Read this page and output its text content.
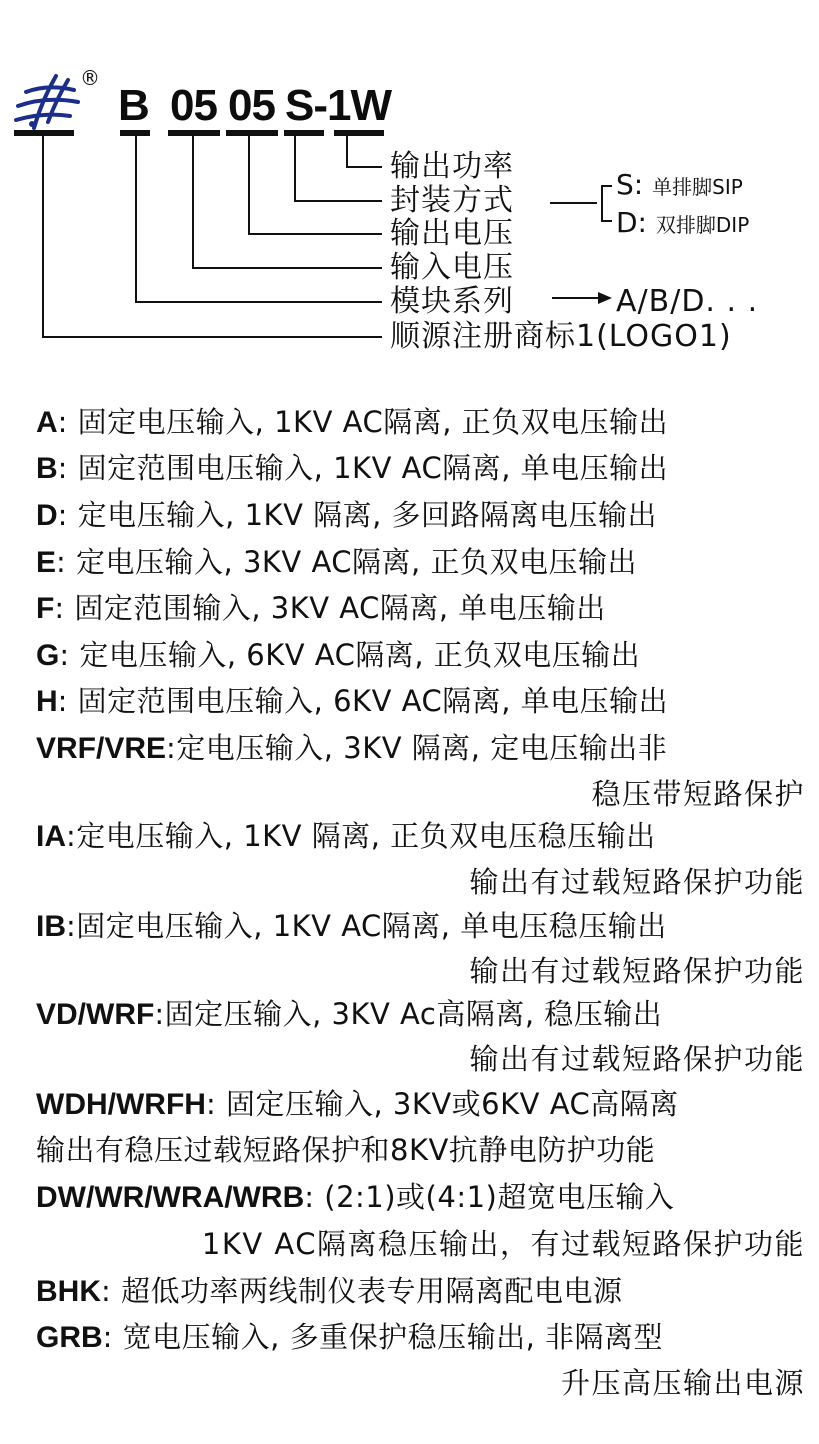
®
B 05 05 S-1W
输出功率
封装方式
输出电压
输入电压
模块系列
顺源注册商标1(LOGO1)
A/B/D. . .
S: 单排脚SIP
D: 双排脚DIP
A: 固定电压输入, 1KV AC隔离, 正负双电压输出
B: 固定范围电压输入, 1KV AC隔离, 单电压输出
D: 定电压输入, 1KV 隔离, 多回路隔离电压输出
E: 定电压输入, 3KV AC隔离, 正负双电压输出
F: 固定范围输入, 3KV AC隔离, 单电压输出
G: 定电压输入, 6KV AC隔离, 正负双电压输出
H: 固定范围电压输入, 6KV AC隔离, 单电压输出
VRF/VRE:定电压输入, 3KV 隔离, 定电压输出非
稳压带短路保护
IA:定电压输入, 1KV 隔离, 正负双电压稳压输出
输出有过载短路保护功能
IB:固定电压输入, 1KV AC隔离, 单电压稳压输出
输出有过载短路保护功能
VD/WRF:固定压输入, 3KV Ac高隔离, 稳压输出
输出有过载短路保护功能
WDH/WRFH: 固定压输入, 3KV或6KV AC高隔离
输出有稳压过载短路保护和8KV抗静电防护功能
DW/WR/WRA/WRB: (2:1)或(4:1)超宽电压输入
1KV AC隔离稳压输出，有过载短路保护功能
BHK: 超低功率两线制仪表专用隔离配电电源
GRB: 宽电压输入, 多重保护稳压输出, 非隔离型
升压高压输出电源
